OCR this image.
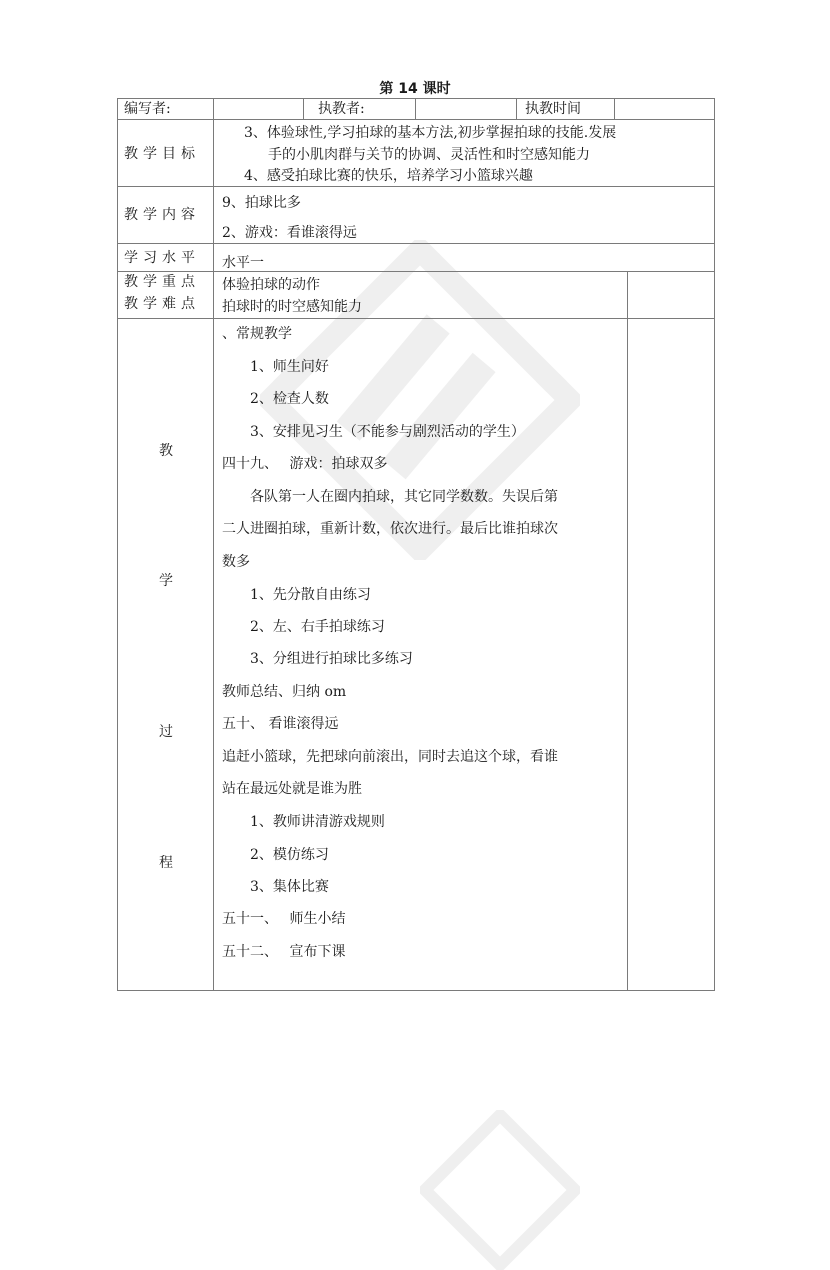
第 14 课时
编写者:	执教者:	执教时间
教学目标
3、体验球性,学习拍球的基本方法,初步掌握拍球的技能.发展
手的小肌肉群与关节的协调、灵活性和时空感知能力
4、感受拍球比赛的快乐，培养学习小篮球兴趣
教学内容
9、拍球比多
2、游戏：看谁滚得远
学习水平 水平一
教学重点
教学难点
体验拍球的动作
拍球时的时空感知能力
教
学
过
程
、常规教学
1、师生问好
2、检查人数
3、安排见习生（不能参与剧烈活动的学生）
四十九、　 游戏：拍球双多
各队第一人在圈内拍球，其它同学数数。失误后第
二人进圈拍球，重新计数，依次进行。最后比谁拍球次
数多
1、先分散自由练习
2、左、右手拍球练习
3、分组进行拍球比多练习
教师总结、归纳 om
五十、 看谁滚得远
追赶小篮球，先把球向前滚出，同时去追这个球，看谁
站在最远处就是谁为胜
1、教师讲清游戏规则
2、模仿练习
3、集体比赛
五十一、　 师生小结
五十二、　 宣布下课
